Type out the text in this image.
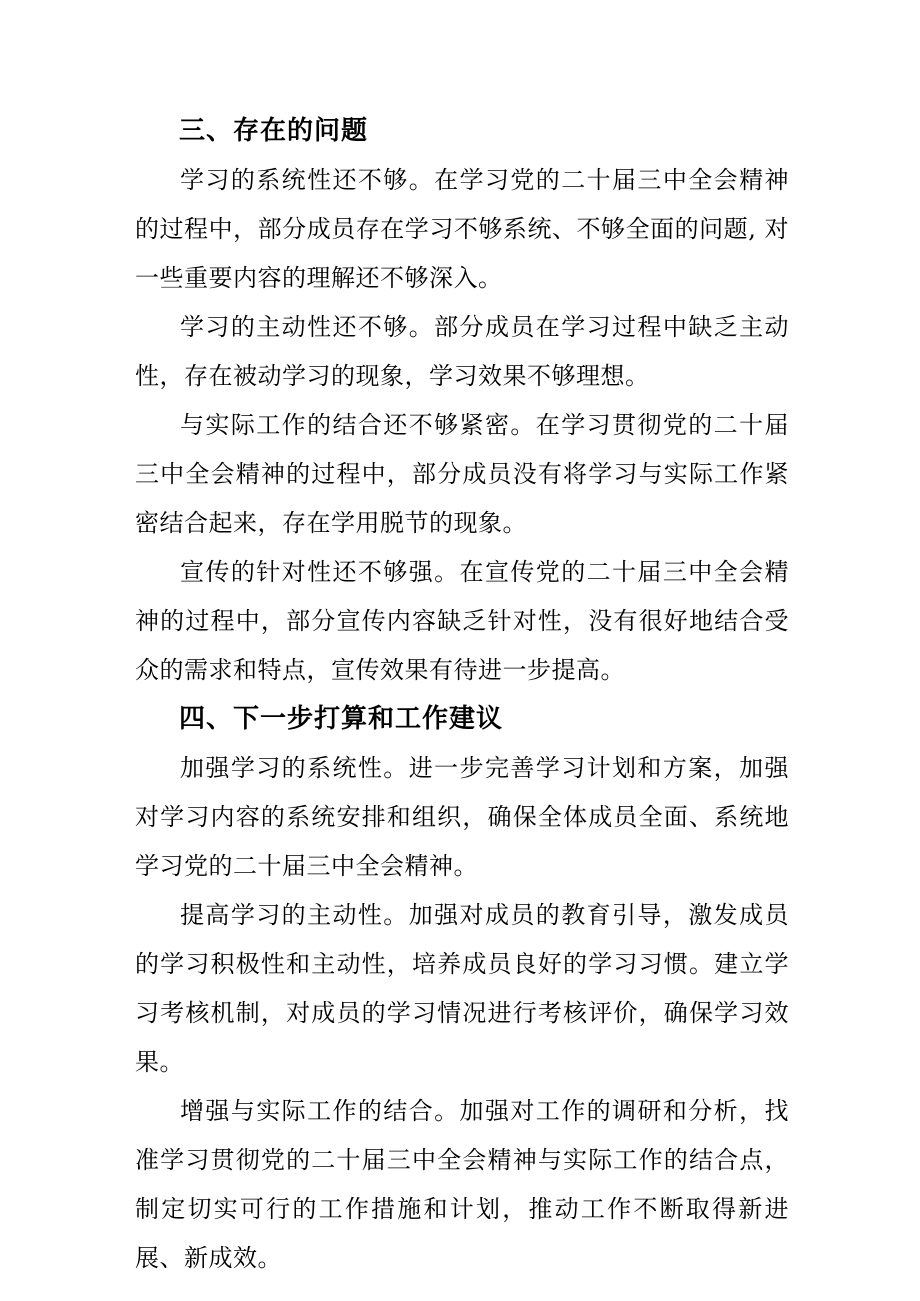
三、存在的问题

学习的系统性还不够。在学习党的二十届三中全会精神的过程中，部分成员存在学习不够系统、不够全面的问题, 对一些重要内容的理解还不够深入。

学习的主动性还不够。部分成员在学习过程中缺乏主动性，存在被动学习的现象，学习效果不够理想。

与实际工作的结合还不够紧密。在学习贯彻党的二十届三中全会精神的过程中，部分成员没有将学习与实际工作紧密结合起来，存在学用脱节的现象。

宣传的针对性还不够强。在宣传党的二十届三中全会精神的过程中，部分宣传内容缺乏针对性，没有很好地结合受众的需求和特点，宣传效果有待进一步提高。

四、下一步打算和工作建议

加强学习的系统性。进一步完善学习计划和方案，加强对学习内容的系统安排和组织，确保全体成员全面、系统地学习党的二十届三中全会精神。

提高学习的主动性。加强对成员的教育引导，激发成员的学习积极性和主动性，培养成员良好的学习习惯。建立学习考核机制，对成员的学习情况进行考核评价，确保学习效果。

增强与实际工作的结合。加强对工作的调研和分析，找准学习贯彻党的二十届三中全会精神与实际工作的结合点，制定切实可行的工作措施和计划，推动工作不断取得新进展、新成效。
